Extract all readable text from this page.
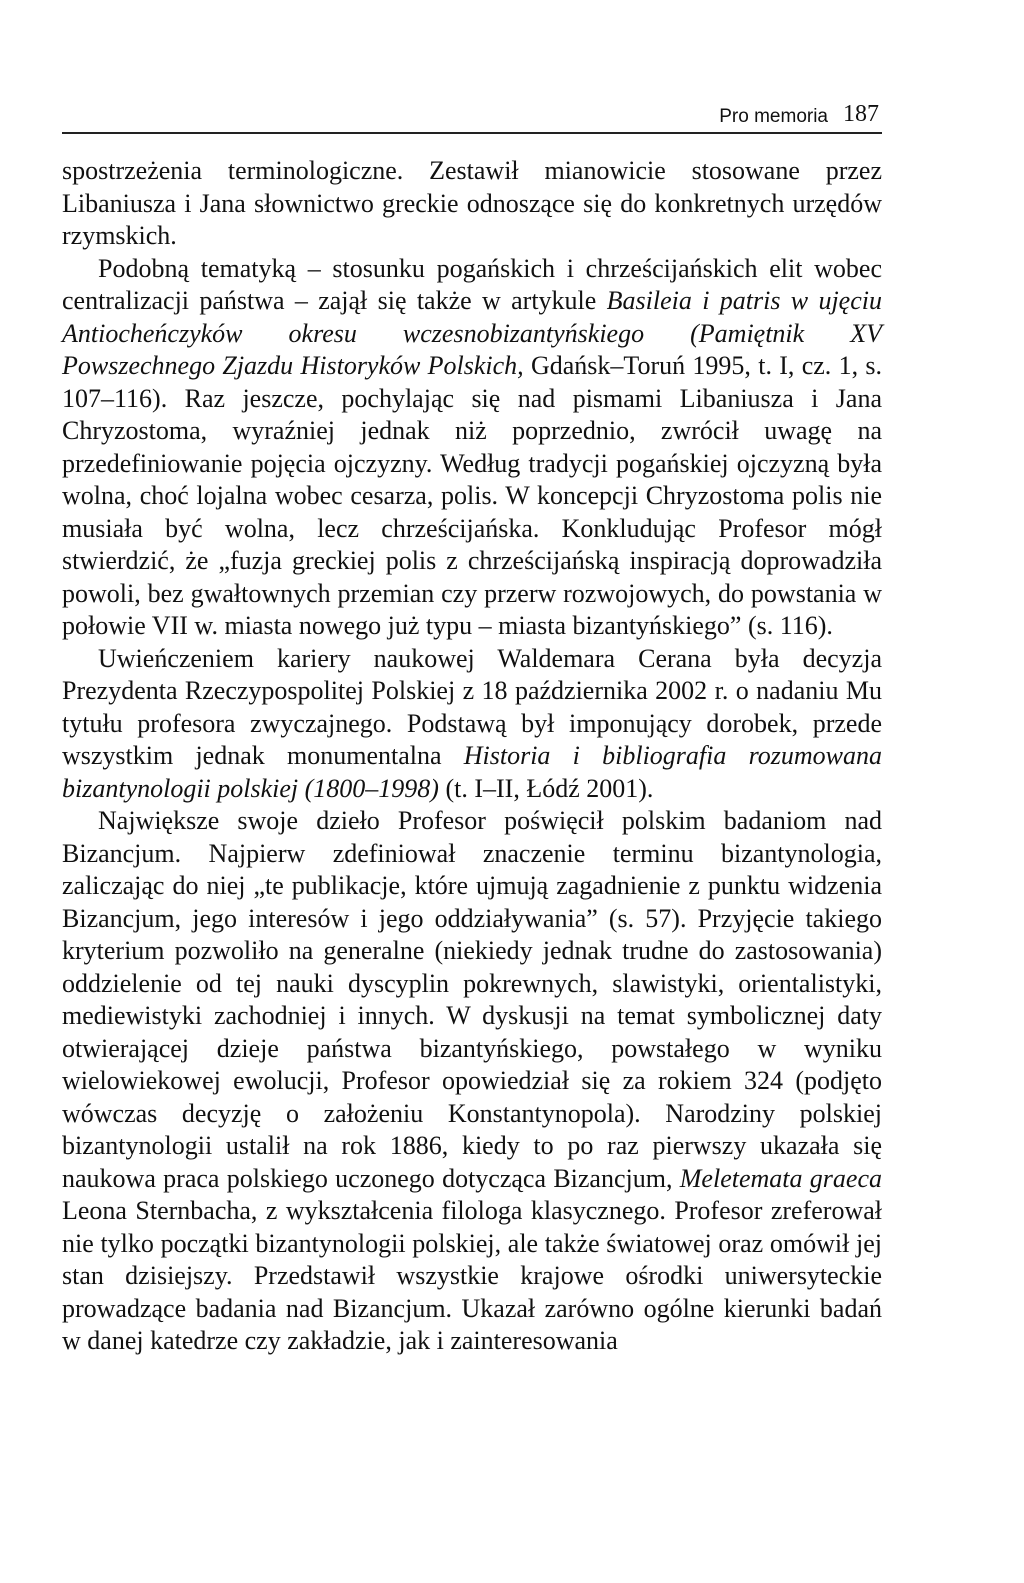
Pro memoria 187

spostrzeżenia terminologiczne. Zestawił mianowicie stosowane przez Libaniusza i Jana słownictwo greckie odnoszące się do konkretnych urzędów rzymskich.

Podobną tematyką – stosunku pogańskich i chrześcijańskich elit wobec centralizacji państwa – zajął się także w artykule Basileia i patris w ujęciu Antiocheńczyków okresu wczesnobizantyńskiego (Pamiętnik XV Powszechnego Zjazdu Historyków Polskich, Gdańsk–Toruń 1995, t. I, cz. 1, s. 107–116). Raz jeszcze, pochylając się nad pismami Libaniusza i Jana Chryzostoma, wyraźniej jednak niż poprzednio, zwrócił uwagę na przedefiniowanie pojęcia ojczyzny. Według tradycji pogańskiej ojczyzną była wolna, choć lojalna wobec cesarza, polis. W koncepcji Chryzostoma polis nie musiała być wolna, lecz chrześcijańska. Konkludując Profesor mógł stwierdzić, że „fuzja greckiej polis z chrześcijańską inspiracją doprowadziła powoli, bez gwałtownych przemian czy przerw rozwojowych, do powstania w połowie VII w. miasta nowego już typu – miasta bizantyńskiego” (s. 116).

Uwieńczeniem kariery naukowej Waldemara Cerana była decyzja Prezydenta Rzeczypospolitej Polskiej z 18 października 2002 r. o nadaniu Mu tytułu profesora zwyczajnego. Podstawą był imponujący dorobek, przede wszystkim jednak monumentalna Historia i bibliografia rozumowana bizantynologii polskiej (1800–1998) (t. I–II, Łódź 2001).

Największe swoje dzieło Profesor poświęcił polskim badaniom nad Bizancjum. Najpierw zdefiniował znaczenie terminu bizantynologia, zaliczając do niej „te publikacje, które ujmują zagadnienie z punktu widzenia Bizancjum, jego interesów i jego oddziaływania” (s. 57). Przyjęcie takiego kryterium pozwoliło na generalne (niekiedy jednak trudne do zastosowania) oddzielenie od tej nauki dyscyplin pokrewnych, slawistyki, orientalistyki, mediewistyki zachodniej i innych. W dyskusji na temat symbolicznej daty otwierającej dzieje państwa bizantyńskiego, powstałego w wyniku wielowiekowej ewolucji, Profesor opowiedział się za rokiem 324 (podjęto wówczas decyzję o założeniu Konstantynopola). Narodziny polskiej bizantynologii ustalił na rok 1886, kiedy to po raz pierwszy ukazała się naukowa praca polskiego uczonego dotycząca Bizancjum, Meletemata graeca Leona Sternbacha, z wykształcenia filologa klasycznego. Profesor zreferował nie tylko początki bizantynologii polskiej, ale także światowej oraz omówił jej stan dzisiejszy. Przedstawił wszystkie krajowe ośrodki uniwersyteckie prowadzące badania nad Bizancjum. Ukazał zarówno ogólne kierunki badań w danej katedrze czy zakładzie, jak i zainteresowania
